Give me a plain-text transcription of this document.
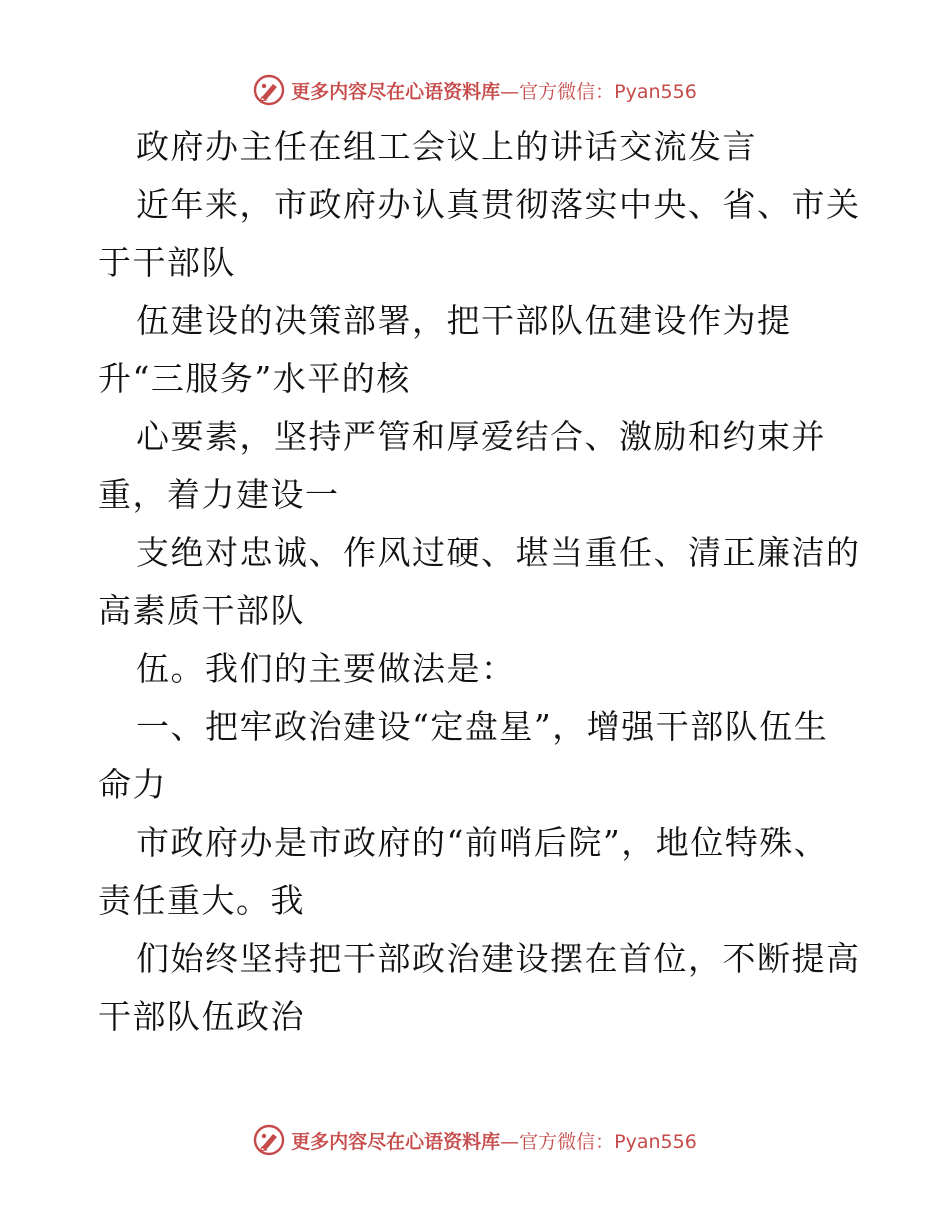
更多内容尽在心语资料库 —官方微信：Pyan556
政府办主任在组工会议上的讲话交流发言
近年来，市政府办认真贯彻落实中央、省、市关
于干部队
伍建设的决策部署，把干部队伍建设作为提
升“三服务”水平的核
心要素，坚持严管和厚爱结合、激励和约束并
重，着力建设一
支绝对忠诚、作风过硬、堪当重任、清正廉洁的
高素质干部队
伍。我们的主要做法是：
一、把牢政治建设“定盘星”，增强干部队伍生
命力
市政府办是市政府的“前哨后院”，地位特殊、
责任重大。我
们始终坚持把干部政治建设摆在首位，不断提高
干部队伍政治
更多内容尽在心语资料库 —官方微信：Pyan556
